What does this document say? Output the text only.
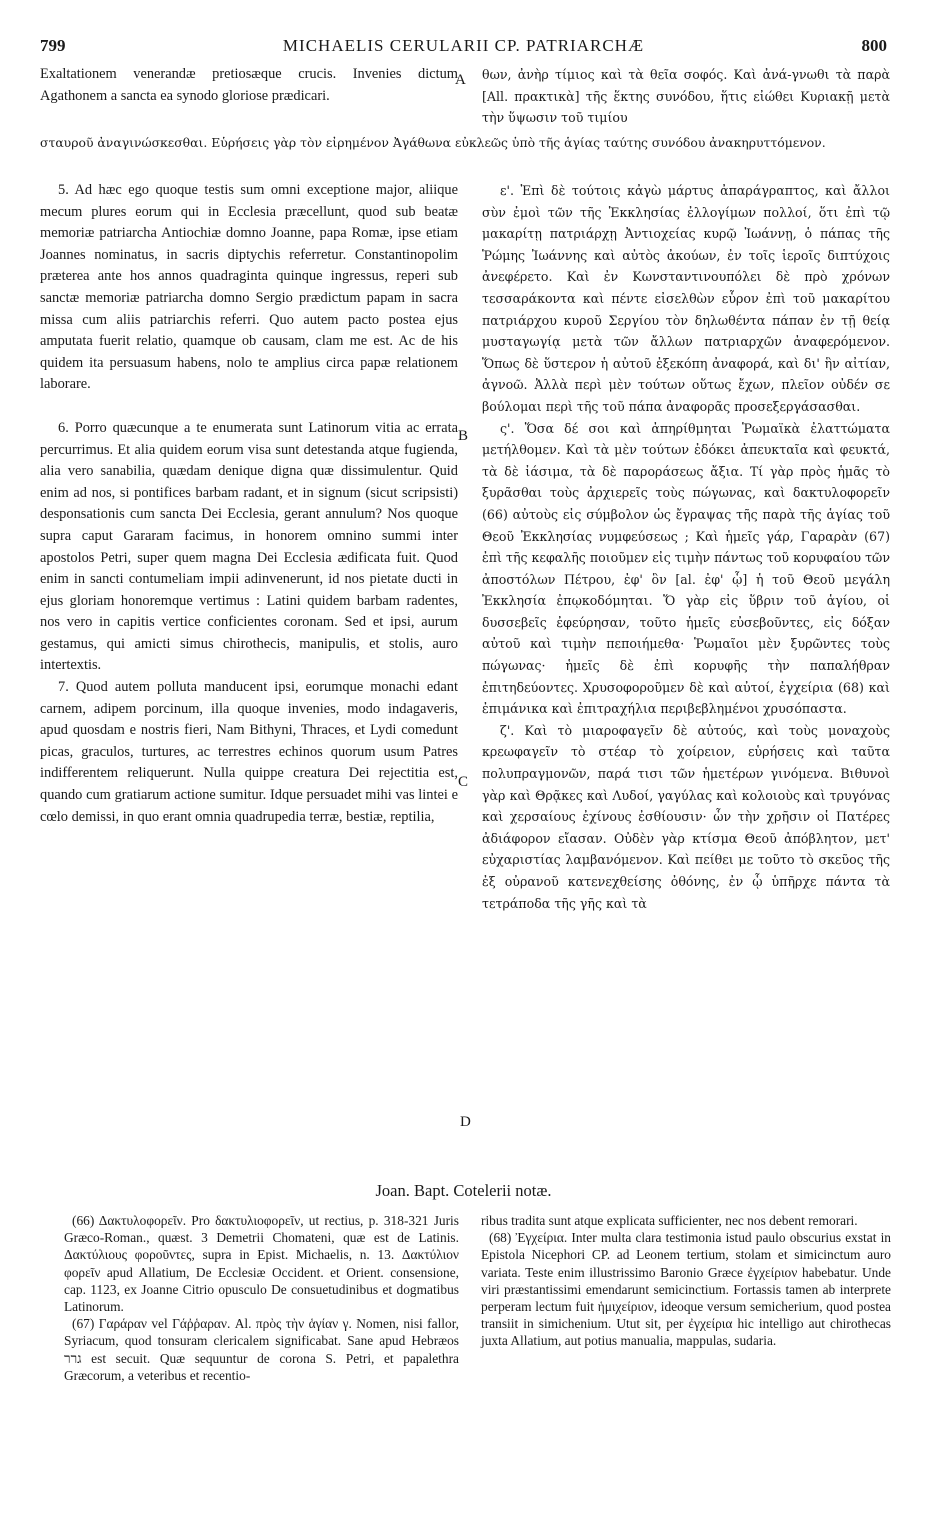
799	MICHAELIS CERULARII CP. PATRIARCHÆ	800

Exaltationem venerandæ pretiosæque crucis. Invenies dictum Agathonem a sancta ea synodo gloriose prædicari.

θων, ἀνὴρ τίμιος καὶ τὰ θεῖα σοφός. Καὶ ἀνά-γνωθι τὰ παρὰ [All. πρακτικὰ] τῆς ἕκτης συνόδου, ἥτις εἰώθει Κυριακῇ μετὰ τὴν ὕψωσιν τοῦ τιμίου

σταυροῦ ἀναγινώσκεσθαι. Εὑρήσεις γὰρ τὸν εἰρημένον Ἀγάθωνα εὐκλεῶς ὑπὸ τῆς ἁγίας ταύτης συνόδου ἀνακηρυττόμενον.

5. Ad hæc ego quoque testis sum omni exceptione major, aliique mecum plures eorum qui in Ecclesia præcellunt, quod sub beatæ memoriæ patriarcha Antiochiæ domno Joanne, papa Romæ, ipse etiam Joannes nominatus, in sacris diptychis referretur. Constantinopolim præterea ante hos annos quadraginta quinque ingressus, reperi sub sanctæ memoriæ patriarcha domno Sergio prædictum papam in sacra missa cum aliis patriarchis referri. Quo autem pacto postea ejus amputata fuerit relatio, quamque ob causam, clam me est. Ac de his quidem ita persuasum habens, nolo te amplius circa papæ relationem laborare.

6. Porro quæcunque a te enumerata sunt Latinorum vitia ac errata percurrimus. Et alia quidem eorum visa sunt detestanda atque fugienda, alia vero sanabilia, quædam denique digna quæ dissimulentur. Quid enim ad nos, si pontifices barbam radant, et in signum (sicut scripsisti) desponsationis cum sancta Dei Ecclesia, gerant annulum? Nos quoque supra caput Gararam facimus, in honorem omnino summi inter apostolos Petri, super quem magna Dei Ecclesia ædificata fuit. Quod enim in sancti contumeliam impii adinvenerunt, id nos pietate ducti in ejus gloriam honoremque vertimus : Latini quidem barbam radentes, nos vero in capitis vertice conficientes coronam. Sed et ipsi, aurum gestamus, qui amicti simus chirothecis, manipulis, et stolis, auro intertextis.

7. Quod autem polluta manducent ipsi, eorumque monachi edant carnem, adipem porcinum, illa quoque invenies, modo indagaveris, apud quosdam e nostris fieri, Nam Bithyni, Thraces, et Lydi comedunt picas, graculos, turtures, ac terrestres echinos quorum usum Patres indifferentem reliquerunt. Nulla quippe creatura Dei rejectitia est, quando cum gratiarum actione sumitur. Idque persuadet mihi vas lintei e cœlo demissi, in quo erant omnia quadrupedia terræ, bestiæ, reptilia,

ε'. Ἐπὶ δὲ τούτοις κἀγὼ μάρτυς ἀπαράγραπτος, καὶ ἄλλοι σὺν ἐμοὶ τῶν τῆς Ἐκκλησίας ἐλλογίμων πολλοί, ὅτι ἐπὶ τῷ μακαρίτῃ πατριάρχῃ Ἀντιοχείας κυρῷ Ἰωάννῃ, ὁ πάπας τῆς Ῥώμης Ἰωάννης καὶ αὐτὸς ἀκούων, ἐν τοῖς ἱεροῖς διπτύχοις ἀνεφέρετο. Καὶ ἐν Κωνσταντινουπόλει δὲ πρὸ χρόνων τεσσαράκοντα καὶ πέντε εἰσελθὼν εὗρον ἐπὶ τοῦ μακαρίτου πατριάρχου κυροῦ Σεργίου τὸν δηλωθέντα πάπαν ἐν τῇ θείᾳ μυσταγωγίᾳ μετὰ τῶν ἄλλων πατριαρχῶν ἀναφερόμενον. Ὅπως δὲ ὕστερον ἡ αὐτοῦ ἐξεκόπη ἀναφορά, καὶ δι' ἣν αἰτίαν, ἀγνοῶ. Ἀλλὰ περὶ μὲν τούτων οὕτως ἔχων, πλεῖον οὐδέν σε βούλομαι περὶ τῆς τοῦ πάπα ἀναφορᾶς προσεξεργάσασθαι.

ς'. Ὅσα δέ σοι καὶ ἀπηρίθμηται Ῥωμαϊκὰ ἐλαττώματα μετήλθομεν. Καὶ τὰ μὲν τούτων ἐδόκει ἀπευκταῖα καὶ φευκτά, τὰ δὲ ἰάσιμα, τὰ δὲ παροράσεως ἄξια. Τί γὰρ πρὸς ἡμᾶς τὸ ξυρᾶσθαι τοὺς ἀρχιερεῖς τοὺς πώγωνας, καὶ δακτυλοφορεῖν (66) αὐτοὺς εἰς σύμβολον ὡς ἔγραψας τῆς παρὰ τῆς ἁγίας τοῦ Θεοῦ Ἐκκλησίας νυμφεύσεως ; Καὶ ἡμεῖς γάρ, Γαραρὰν (67) ἐπὶ τῆς κεφαλῆς ποιοῦμεν εἰς τιμὴν πάντως τοῦ κορυφαίου τῶν ἀποστόλων Πέτρου, ἐφ' ὃν [al. ἐφ' ᾧ] ἡ τοῦ Θεοῦ μεγάλη Ἐκκλησία ἐπῳκοδόμηται. Ὅ γὰρ εἰς ὕβριν τοῦ ἁγίου, οἱ δυσσεβεῖς ἐφεύρησαν, τοῦτο ἡμεῖς εὐσεβοῦντες, εἰς δόξαν αὐτοῦ καὶ τιμὴν πεποιήμεθα· Ῥωμαῖοι μὲν ξυρῶντες τοὺς πώγωνας· ἡμεῖς δὲ ἐπὶ κορυφῆς τὴν παπαλήθραν ἐπιτηδεύοντες. Χρυσοφοροῦμεν δὲ καὶ αὐτοί, ἐγχείρια (68) καὶ ἐπιμάνικα καὶ ἐπιτραχήλια περιβεβλημένοι χρυσόπαστα.

ζ'. Καὶ τὸ μιαροφαγεῖν δὲ αὐτούς, καὶ τοὺς μοναχοὺς κρεωφαγεῖν τὸ στέαρ τὸ χοίρειον, εὑρήσεις καὶ ταῦτα πολυπραγμονῶν, παρά τισι τῶν ἡμετέρων γινόμενα. Βιθυνοὶ γὰρ καὶ Θρᾷκες καὶ Λυδοί, γαγύλας καὶ κολοιοὺς καὶ τρυγόνας καὶ χερσαίους ἐχίνους ἐσθίουσιν· ὧν τὴν χρῆσιν οἱ Πατέρες ἀδιάφορον εἴασαν. Οὐδὲν γὰρ κτίσμα Θεοῦ ἀπόβλητον, μετ' εὐχαριστίας λαμβανόμενον. Καὶ πείθει με τοῦτο τὸ σκεῦος τῆς ἐξ οὐρανοῦ κατενεχθείσης ὀθόνης, ἐν ᾧ ὑπῆρχε πάντα τὰ τετράποδα τῆς γῆς καὶ τὰ

A
B
C
D
Joan. Bapt. Cotelerii notæ.

(66) Δακτυλοφορεῖν. Pro δακτυλιοφορεῖν, ut rectius, p. 318-321 Juris Græco-Roman., quæst. 3 Demetrii Chomateni, quæ est de Latinis. Δακτύλιους φοροῦντες, supra in Epist. Michaelis, n. 13. Δακτύλιον φορεῖν apud Allatium, De Ecclesiæ Occident. et Orient. consensione, cap. 1123, ex Joanne Citrio opusculo De consuetudinibus et dogmatibus Latinorum.

(67) Γαράραν vel Γάῤῥαραν. Al. πρὸς τὴν ἁγίαν γ. Nomen, nisi fallor, Syriacum, quod tonsuram clericalem significabat. Sane apud Hebræos גרר est secuit. Quæ sequuntur de corona S. Petri, et papalethra Græcorum, a veteribus et recentio-

ribus tradita sunt atque explicata sufficienter, nec nos debent remorari.

(68) Ἐγχείρια. Inter multa clara testimonia istud paulo obscurius exstat in Epistola Nicephori CP. ad Leonem tertium, stolam et simicinctum auro variata. Teste enim illustrissimo Baronio Græce ἐγχείριον habebatur. Unde viri præstantissimi emendarunt semicinctium. Fortassis tamen ab interprete perperam lectum fuit ἡμιχείριον, ideoque versum semicherium, quod postea transiit in simichenium. Utut sit, per ἐγχείρια hic intelligo aut chirothecas juxta Allatium, aut potius manualia, mappulas, sudaria.
